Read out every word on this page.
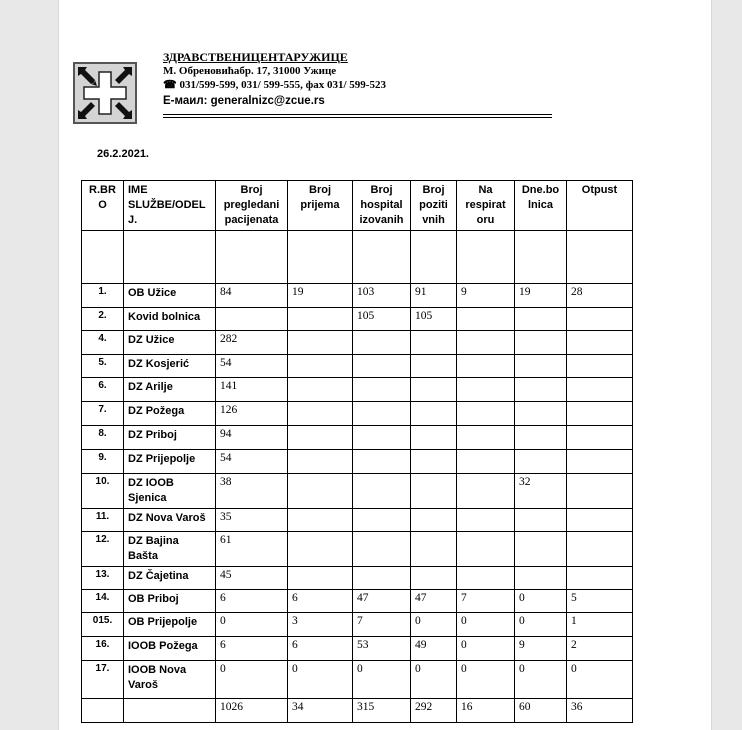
ЗДРАВСТВЕНИЦЕНТАРУЖИЦЕ
М. Обреновићабр. 17, 31000 Ужице
☎ 031/599-599, 031/ 599-555, фах 031/ 599-523
E-маил: generalnizc@zcue.rs
26.2.2021.
R.BR O	IME SLUŽBE/ODEL J.	Broj pregledani pacijenata	Broj prijema	Broj hospital izovanih	Broj poziti vnih	Na respirat oru	Dne.bo lnica	Otpust

1.	OB Užice	84	19	103	91	9	19	28
2.	Kovid bolnica			105	105			
4.	DZ Užice	282						
5.	DZ Kosjerić	54						
6.	DZ Arilje	141						
7.	DZ Požega	126						
8.	DZ Priboj	94						
9.	DZ Prijepolje	54						
10.	DZ IOOB Sjenica	38					32	
11.	DZ Nova Varoš	35						
12.	DZ Bajina Bašta	61						
13.	DZ Čajetina	45						
14.	OB Priboj	6	6	47	47	7	0	5
015.	OB Prijepolje	0	3	7	0	0	0	1
16.	IOOB Požega	6	6	53	49	0	9	2
17.	IOOB Nova Varoš	0	0	0	0	0	0	0
		1026	34	315	292	16	60	36
